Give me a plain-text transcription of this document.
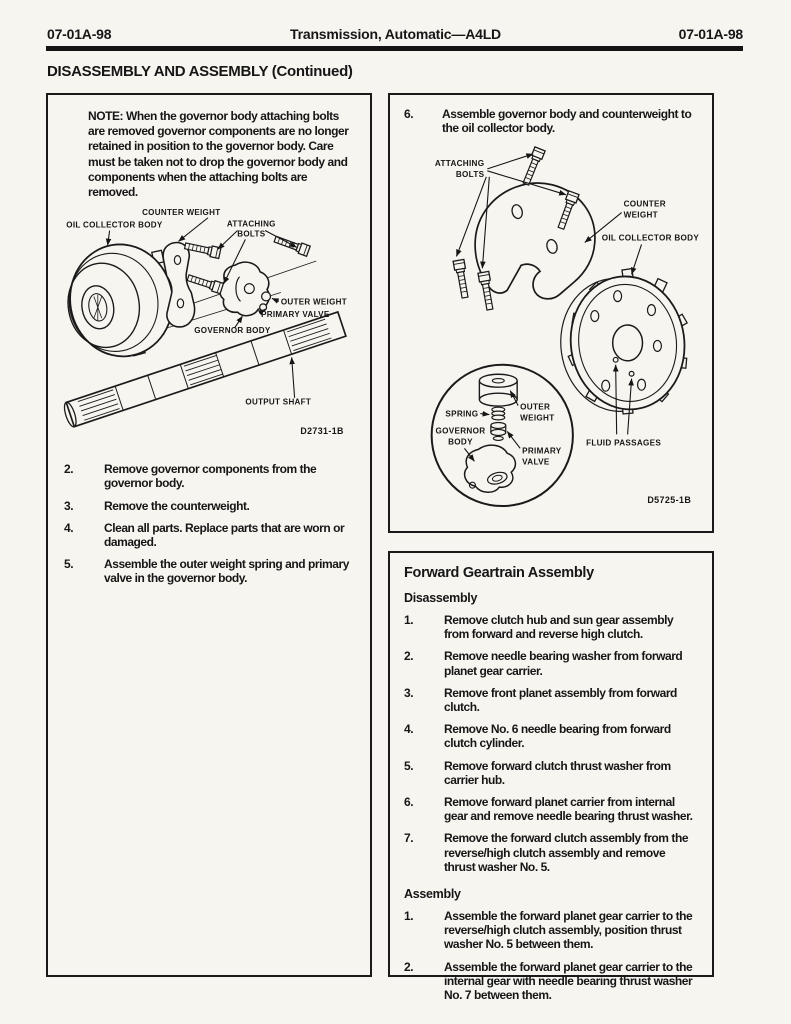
07-01A-98	Transmission, Automatic—A4LD	07-01A-98
DISASSEMBLY AND ASSEMBLY (Continued)

NOTE: When the governor body attaching bolts are removed governor components are no longer retained in position to the governor body. Care must be taken not to drop the governor body and components when the attaching bolts are removed.

COUNTER WEIGHT
OIL COLLECTOR BODY	ATTACHING
BOLTS
OUTER WEIGHT
PRIMARY VALVE
GOVERNOR BODY
OUTPUT SHAFT
D2731-1B
2.	Remove governor components from the governor body.
3.	Remove the counterweight.
4.	Clean all parts. Replace parts that are worn or damaged.
5.	Assemble the outer weight spring and primary valve in the governor body.
6.	Assemble governor body and counterweight to the oil collector body.
SPRING
OUTER
WEIGHT
GOVERNOR
BODY
PRIMARY
VALVE
ATTACHING
BOLTS
COUNTER
WEIGHT
OIL COLLECTOR BODY
FLUID PASSAGES
D5725-1B
Forward Geartrain Assembly
Disassembly
1.	Remove clutch hub and sun gear assembly from forward and reverse high clutch.
2.	Remove needle bearing washer from forward planet gear carrier.
3.	Remove front planet assembly from forward clutch.
4.	Remove No. 6 needle bearing from forward clutch cylinder.
5.	Remove forward clutch thrust washer from carrier hub.
6.	Remove forward planet carrier from internal gear and remove needle bearing thrust washer.
7.	Remove the forward clutch assembly from the reverse/high clutch assembly and remove thrust washer No. 5.
Assembly
1.	Assemble the forward planet gear carrier to the reverse/high clutch assembly, position thrust washer No. 5 between them.
2.	Assemble the forward planet gear carrier to the internal gear with needle bearing thrust washer No. 7 between them.
